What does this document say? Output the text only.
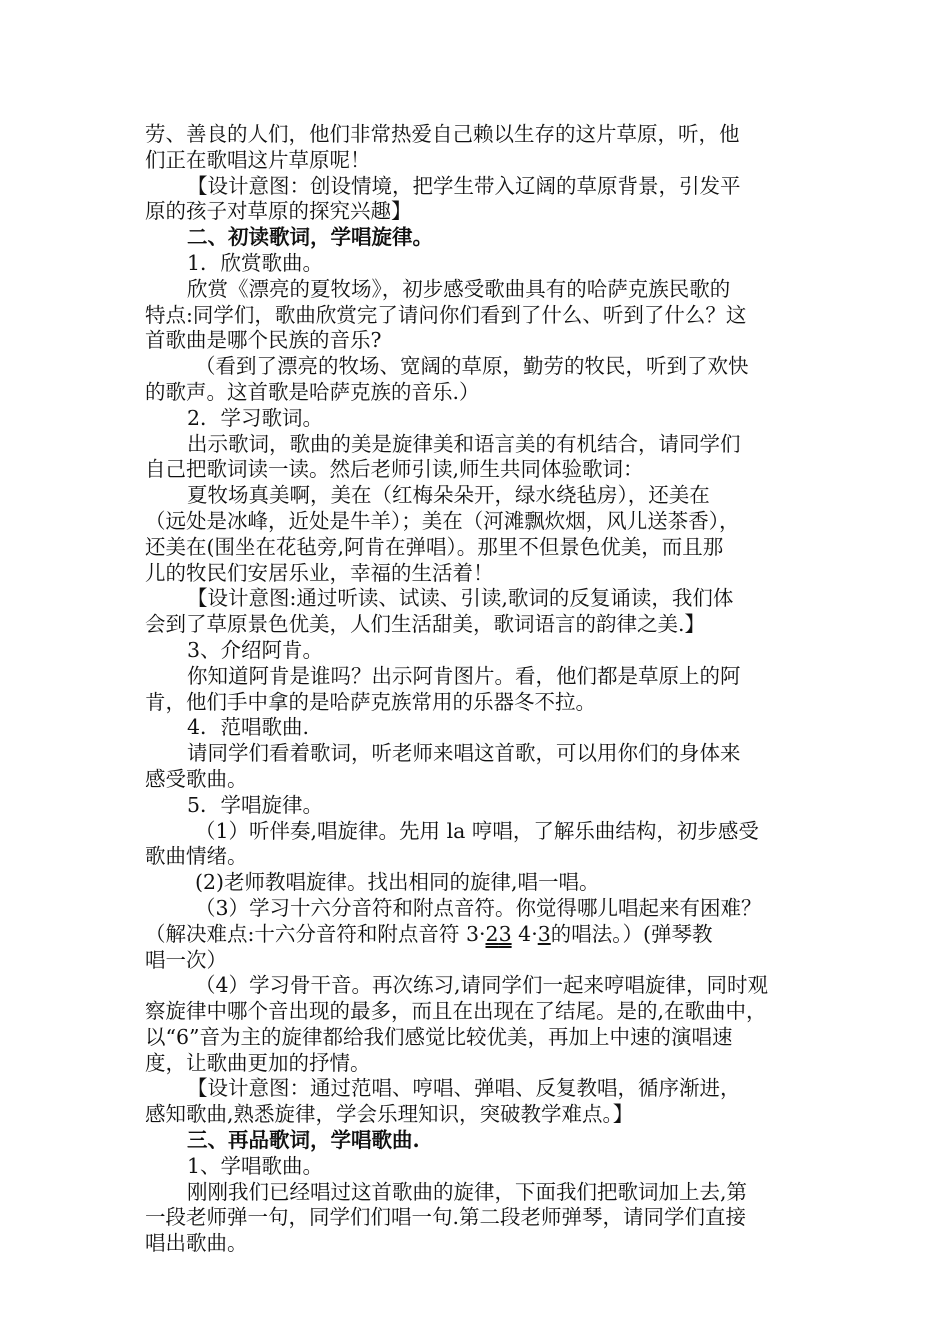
劳、善良的人们，他们非常热爱自己赖以生存的这片草原，听，他
们正在歌唱这片草原呢！
【设计意图：创设情境，把学生带入辽阔的草原背景，引发平
原的孩子对草原的探究兴趣】
二、初读歌词，学唱旋律。
1．欣赏歌曲。
欣赏《漂亮的夏牧场》，初步感受歌曲具有的哈萨克族民歌的
特点:同学们，歌曲欣赏完了请问你们看到了什么、听到了什么？这
首歌曲是哪个民族的音乐?
（看到了漂亮的牧场、宽阔的草原，勤劳的牧民，听到了欢快
的歌声。这首歌是哈萨克族的音乐.）
2．学习歌词。
出示歌词，歌曲的美是旋律美和语言美的有机结合，请同学们
自己把歌词读一读。然后老师引读,师生共同体验歌词：
夏牧场真美啊，美在（红梅朵朵开，绿水绕毡房），还美在
（远处是冰峰，近处是牛羊）；美在（河滩飘炊烟，风儿送茶香），
还美在(围坐在花毡旁,阿肯在弹唱）。那里不但景色优美，而且那
儿的牧民们安居乐业，幸福的生活着！
【设计意图:通过听读、试读、引读,歌词的反复诵读，我们体
会到了草原景色优美，人们生活甜美，歌词语言的韵律之美.】
3、介绍阿肯。
你知道阿肯是谁吗？出示阿肯图片。看，他们都是草原上的阿
肯，他们手中拿的是哈萨克族常用的乐器冬不拉。
4．范唱歌曲.
请同学们看着歌词，听老师来唱这首歌，可以用你们的身体来
感受歌曲。
5．学唱旋律。
（1）听伴奏,唱旋律。先用 la 哼唱，了解乐曲结构，初步感受
歌曲情绪。
(2)老师教唱旋律。找出相同的旋律,唱一唱。
（3）学习十六分音符和附点音符。你觉得哪儿唱起来有困难？
（解决难点:十六分音符和附点音符 3·23 4·3的唱法。）(弹琴教
唱一次）
（4）学习骨干音。再次练习,请同学们一起来哼唱旋律，同时观
察旋律中哪个音出现的最多，而且在出现在了结尾。是的,在歌曲中，
以“6”音为主的旋律都给我们感觉比较优美，再加上中速的演唱速
度，让歌曲更加的抒情。
【设计意图：通过范唱、哼唱、弹唱、反复教唱，循序渐进，
感知歌曲,熟悉旋律，学会乐理知识，突破教学难点。】
三、再品歌词，学唱歌曲.
1、学唱歌曲。
刚刚我们已经唱过这首歌曲的旋律，下面我们把歌词加上去,第
一段老师弹一句，同学们们唱一句.第二段老师弹琴，请同学们直接
唱出歌曲。
